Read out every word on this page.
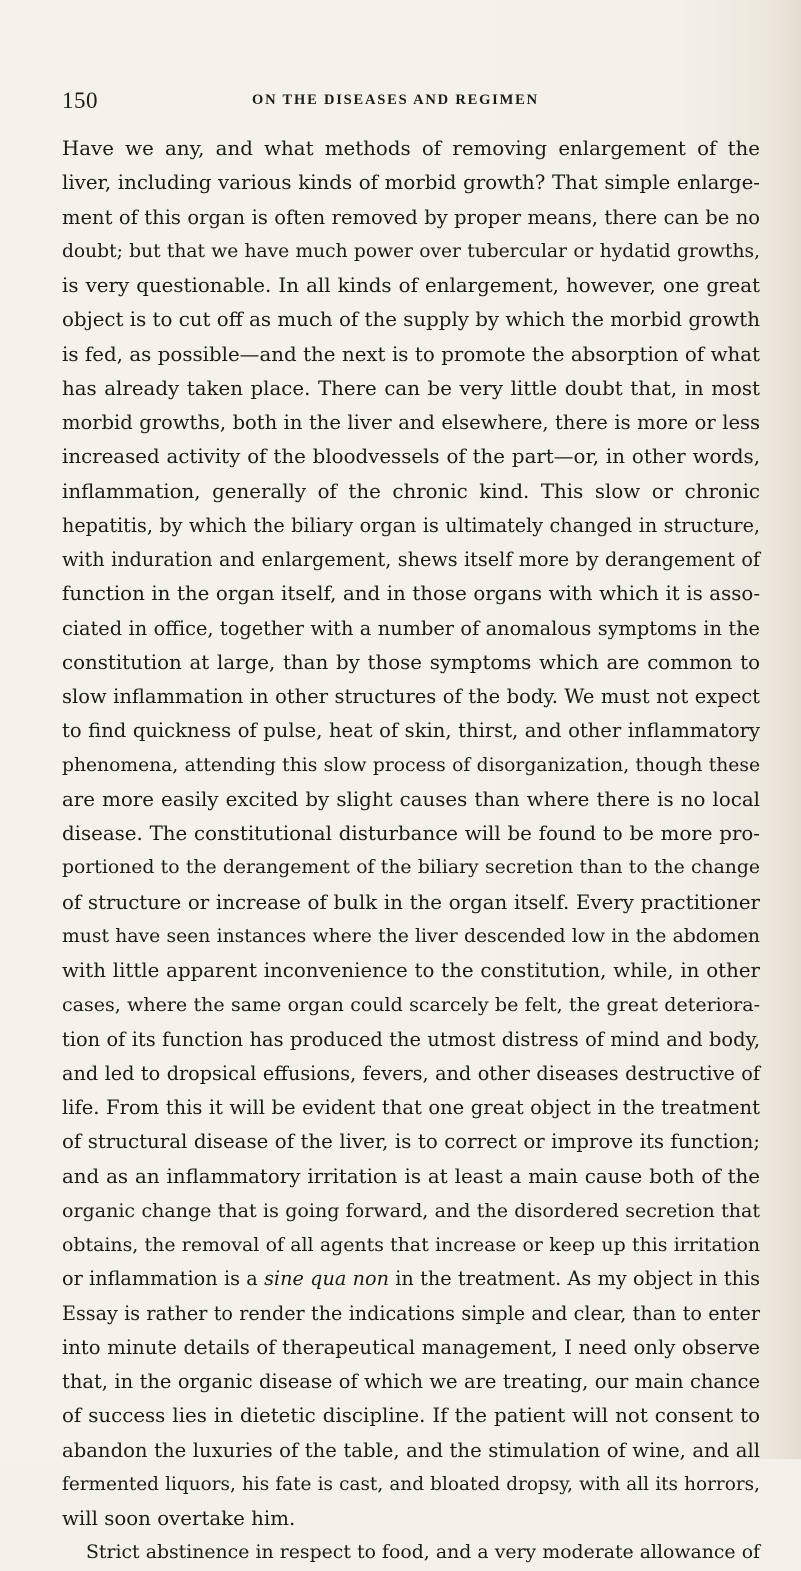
150	ON THE DISEASES AND REGIMEN
Have we any, and what methods of removing enlargement of the
liver, including various kinds of morbid growth? That simple enlarge-
ment of this organ is often removed by proper means, there can be no
doubt; but that we have much power over tubercular or hydatid growths,
is very questionable. In all kinds of enlargement, however, one great
object is to cut off as much of the supply by which the morbid growth
is fed, as possible—and the next is to promote the absorption of what
has already taken place. There can be very little doubt that, in most
morbid growths, both in the liver and elsewhere, there is more or less
increased activity of the bloodvessels of the part—or, in other words,
inflammation, generally of the chronic kind. This slow or chronic
hepatitis, by which the biliary organ is ultimately changed in structure,
with induration and enlargement, shews itself more by derangement of
function in the organ itself, and in those organs with which it is asso-
ciated in office, together with a number of anomalous symptoms in the
constitution at large, than by those symptoms which are common to
slow inflammation in other structures of the body. We must not expect
to find quickness of pulse, heat of skin, thirst, and other inflammatory
phenomena, attending this slow process of disorganization, though these
are more easily excited by slight causes than where there is no local
disease. The constitutional disturbance will be found to be more pro-
portioned to the derangement of the biliary secretion than to the change
of structure or increase of bulk in the organ itself. Every practitioner
must have seen instances where the liver descended low in the abdomen
with little apparent inconvenience to the constitution, while, in other
cases, where the same organ could scarcely be felt, the great deteriora-
tion of its function has produced the utmost distress of mind and body,
and led to dropsical effusions, fevers, and other diseases destructive of
life. From this it will be evident that one great object in the treatment
of structural disease of the liver, is to correct or improve its function;
and as an inflammatory irritation is at least a main cause both of the
organic change that is going forward, and the disordered secretion that
obtains, the removal of all agents that increase or keep up this irritation
or inflammation is a sine qua non in the treatment. As my object in this
Essay is rather to render the indications simple and clear, than to enter
into minute details of therapeutical management, I need only observe
that, in the organic disease of which we are treating, our main chance
of success lies in dietetic discipline. If the patient will not consent to
abandon the luxuries of the table, and the stimulation of wine, and all
fermented liquors, his fate is cast, and bloated dropsy, with all its horrors,
will soon overtake him.
Strict abstinence in respect to food, and a very moderate allowance of
